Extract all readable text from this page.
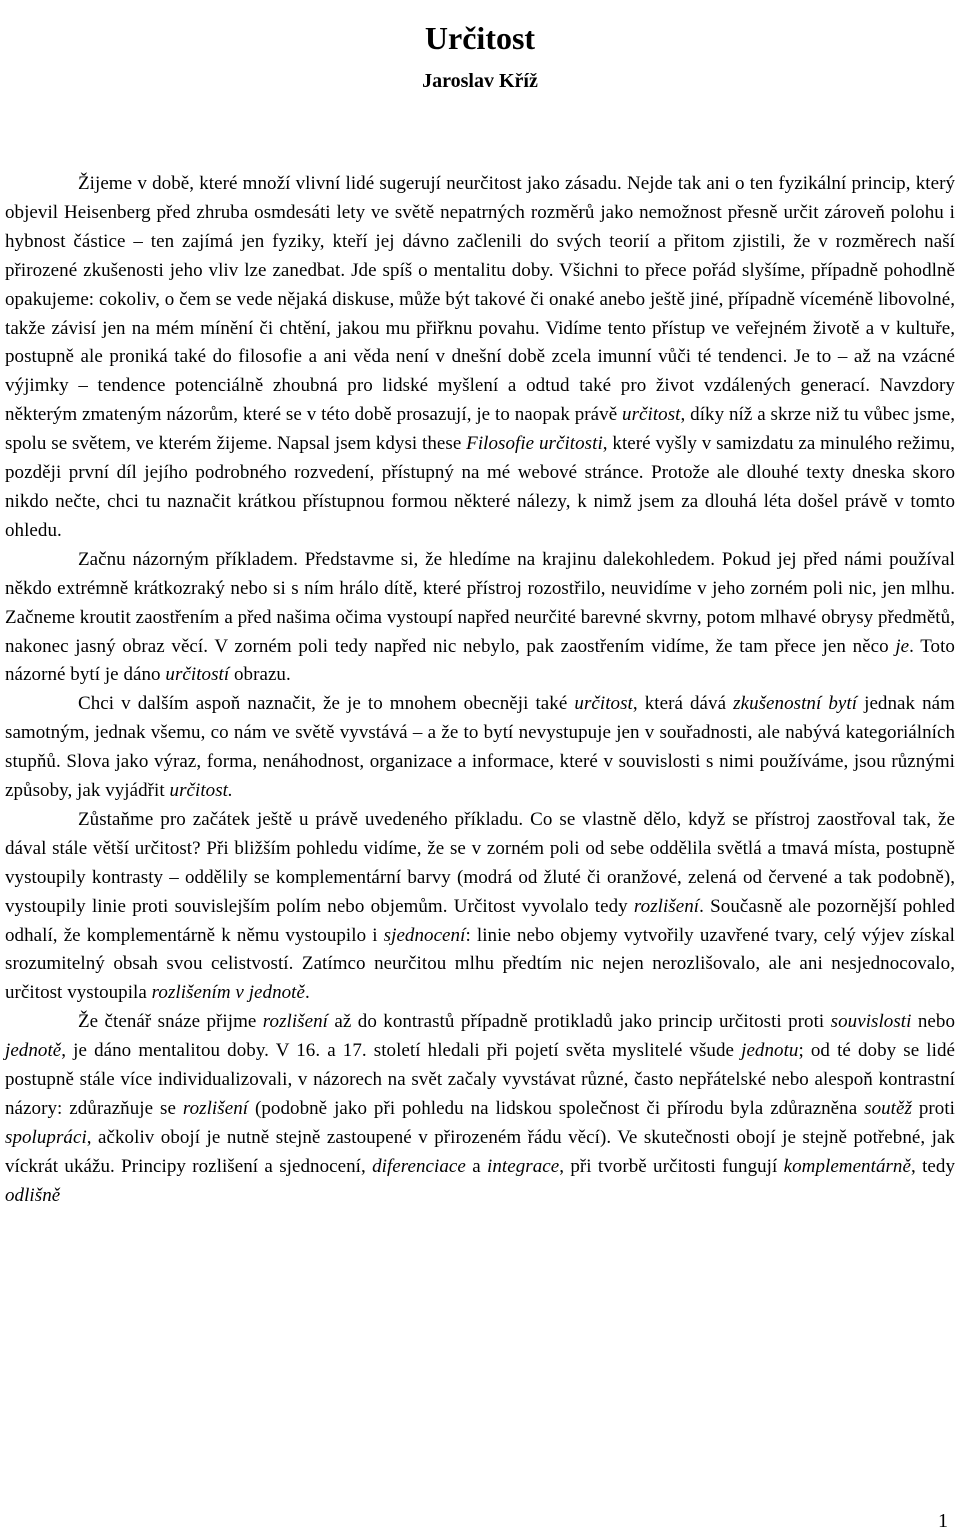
Určitost
Jaroslav Kříž

Žijeme v době, které množí vlivní lidé sugerují neurčitost jako zásadu. Nejde tak ani o ten fyzikální princip, který objevil Heisenberg před zhruba osmdesáti lety ve světě nepatrných rozměrů jako nemožnost přesně určit zároveň polohu i hybnost částice – ten zajímá jen fyziky, kteří jej dávno začlenili do svých teorií a přitom zjistili, že v rozměrech naší přirozené zkušenosti jeho vliv lze zanedbat. Jde spíš o mentalitu doby. Všichni to přece pořád slyšíme, případně pohodlně opakujeme: cokoliv, o čem se vede nějaká diskuse, může být takové či onaké anebo ještě jiné, případně víceméně libovolné, takže závisí jen na mém mínění či chtění, jakou mu přiřknu povahu. Vidíme tento přístup ve veřejném životě a v kultuře, postupně ale proniká také do filosofie a ani věda není v dnešní době zcela imunní vůči té tendenci. Je to – až na vzácné výjimky – tendence potenciálně zhoubná pro lidské myšlení a odtud také pro život vzdálených generací. Navzdory některým zmateným názorům, které se v této době prosazují, je to naopak právě určitost, díky níž a skrze niž tu vůbec jsme, spolu se světem, ve kterém žijeme. Napsal jsem kdysi these Filosofie určitosti, které vyšly v samizdatu za minulého režimu, později první díl jejího podrobného rozvedení, přístupný na mé webové stránce. Protože ale dlouhé texty dneska skoro nikdo nečte, chci tu naznačit krátkou přístupnou formou některé nálezy, k nimž jsem za dlouhá léta došel právě v tomto ohledu.

Začnu názorným příkladem. Představme si, že hledíme na krajinu dalekohledem. Pokud jej před námi používal někdo extrémně krátkozraký nebo si s ním hrálo dítě, které přístroj rozostřilo, neuvidíme v jeho zorném poli nic, jen mlhu. Začneme kroutit zaostřením a před našima očima vystoupí napřed neurčité barevné skvrny, potom mlhavé obrysy předmětů, nakonec jasný obraz věcí. V zorném poli tedy napřed nic nebylo, pak zaostřením vidíme, že tam přece jen něco je. Toto názorné bytí je dáno určitostí obrazu.

Chci v dalším aspoň naznačit, že je to mnohem obecněji také určitost, která dává zkušenostní bytí jednak nám samotným, jednak všemu, co nám ve světě vyvstává – a že to bytí nevystupuje jen v souřadnosti, ale nabývá kategoriálních stupňů. Slova jako výraz, forma, nenáhodnost, organizace a informace, které v souvislosti s nimi používáme, jsou různými způsoby, jak vyjádřit určitost.

Zůstaňme pro začátek ještě u právě uvedeného příkladu. Co se vlastně dělo, když se přístroj zaostřoval tak, že dával stále větší určitost? Při bližším pohledu vidíme, že se v zorném poli od sebe oddělila světlá a tmavá místa, postupně vystoupily kontrasty – oddělily se komplementární barvy (modrá od žluté či oranžové, zelená od červené a tak podobně), vystoupily linie proti souvislejším polím nebo objemům. Určitost vyvolalo tedy rozlišení. Současně ale pozornější pohled odhalí, že komplementárně k němu vystoupilo i sjednocení: linie nebo objemy vytvořily uzavřené tvary, celý výjev získal srozumitelný obsah svou celistvostí. Zatímco neurčitou mlhu předtím nic nejen nerozlišovalo, ale ani nesjednocovalo, určitost vystoupila rozlišením v jednotě.

Že čtenář snáze přijme rozlišení až do kontrastů případně protikladů jako princip určitosti proti souvislosti nebo jednotě, je dáno mentalitou doby. V 16. a 17. století hledali při pojetí světa myslitelé všude jednotu; od té doby se lidé postupně stále více individualizovali, v názorech na svět začaly vyvstávat různé, často nepřátelské nebo alespoň kontrastní názory: zdůrazňuje se rozlišení (podobně jako při pohledu na lidskou společnost či přírodu byla zdůrazněna soutěž proti spolupráci, ačkoliv obojí je nutně stejně zastoupené v přirozeném řádu věcí). Ve skutečnosti obojí je stejně potřebné, jak víckrát ukážu. Principy rozlišení a sjednocení, diferenciace a integrace, při tvorbě určitosti fungují komplementárně, tedy odlišně

1
